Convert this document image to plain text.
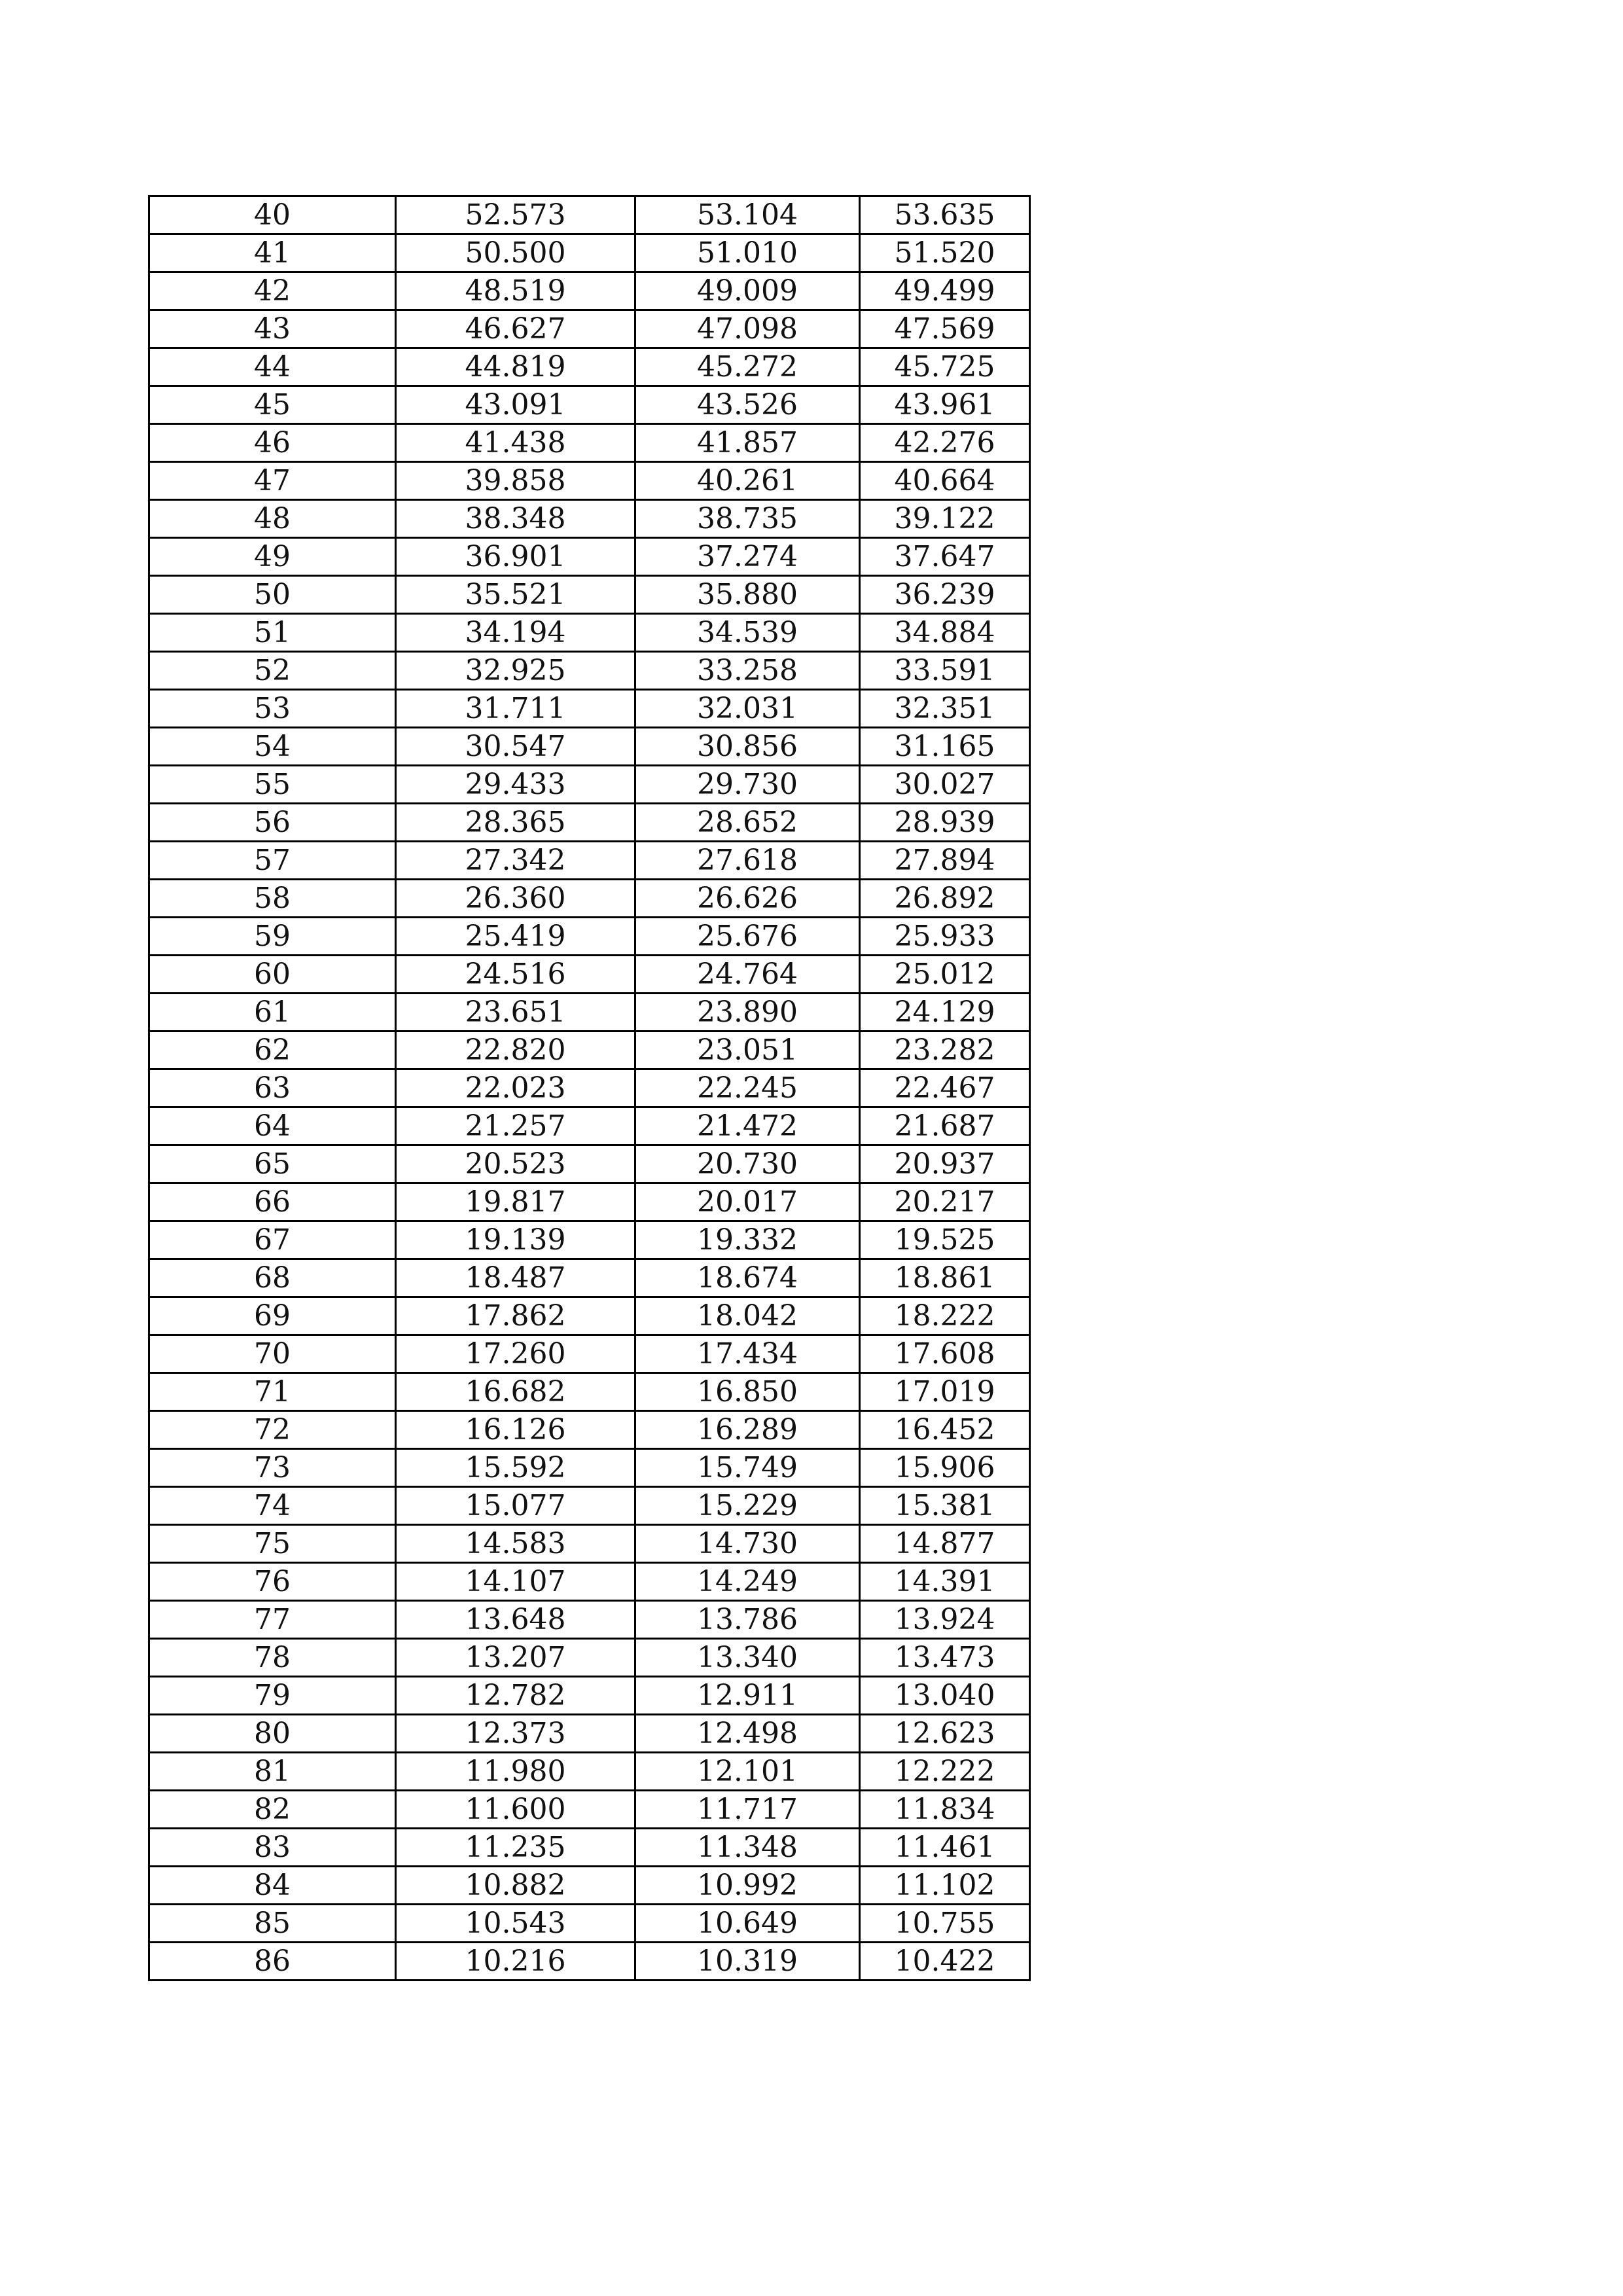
40	52.573	53.104	53.635
41	50.500	51.010	51.520
42	48.519	49.009	49.499
43	46.627	47.098	47.569
44	44.819	45.272	45.725
45	43.091	43.526	43.961
46	41.438	41.857	42.276
47	39.858	40.261	40.664
48	38.348	38.735	39.122
49	36.901	37.274	37.647
50	35.521	35.880	36.239
51	34.194	34.539	34.884
52	32.925	33.258	33.591
53	31.711	32.031	32.351
54	30.547	30.856	31.165
55	29.433	29.730	30.027
56	28.365	28.652	28.939
57	27.342	27.618	27.894
58	26.360	26.626	26.892
59	25.419	25.676	25.933
60	24.516	24.764	25.012
61	23.651	23.890	24.129
62	22.820	23.051	23.282
63	22.023	22.245	22.467
64	21.257	21.472	21.687
65	20.523	20.730	20.937
66	19.817	20.017	20.217
67	19.139	19.332	19.525
68	18.487	18.674	18.861
69	17.862	18.042	18.222
70	17.260	17.434	17.608
71	16.682	16.850	17.019
72	16.126	16.289	16.452
73	15.592	15.749	15.906
74	15.077	15.229	15.381
75	14.583	14.730	14.877
76	14.107	14.249	14.391
77	13.648	13.786	13.924
78	13.207	13.340	13.473
79	12.782	12.911	13.040
80	12.373	12.498	12.623
81	11.980	12.101	12.222
82	11.600	11.717	11.834
83	11.235	11.348	11.461
84	10.882	10.992	11.102
85	10.543	10.649	10.755
86	10.216	10.319	10.422
